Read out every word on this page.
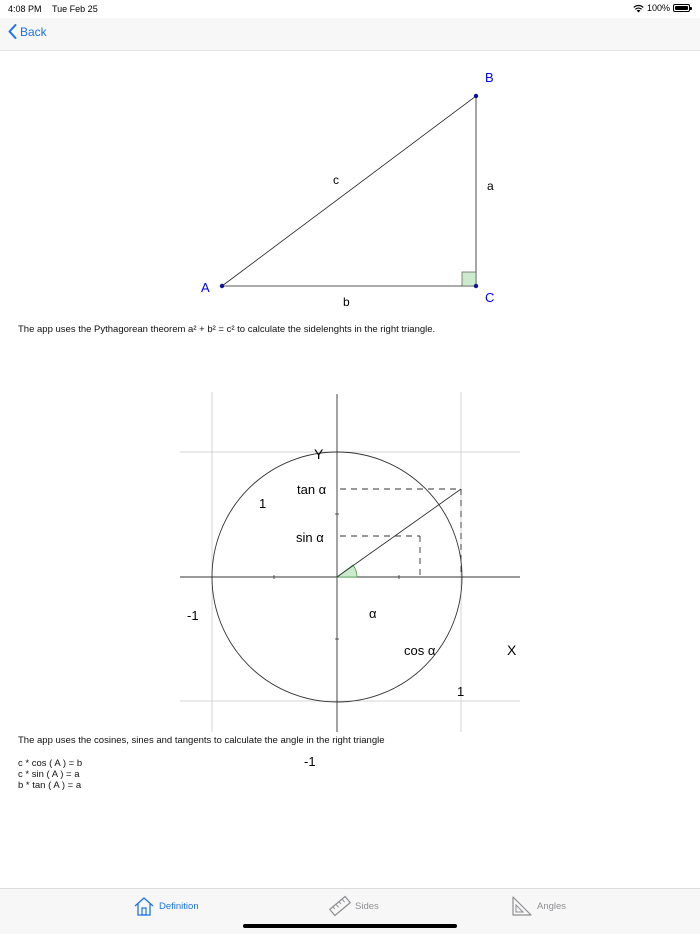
4:08 PM Tue Feb 25	100%
Back
A
B
C
c	a
b
The app uses the Pythagorean theorem a² + b² = c² to calculate the sidelenghts in the right triangle.
Y
X
tan α
sin α
cos α
α
1
1
-1
-1
The app uses the cosines, sines and tangents to calculate the angle in the right triangle
c * cos ( A ) = b
c * sin ( A ) = a
b * tan ( A ) = a
Definition	Sides	Angles
